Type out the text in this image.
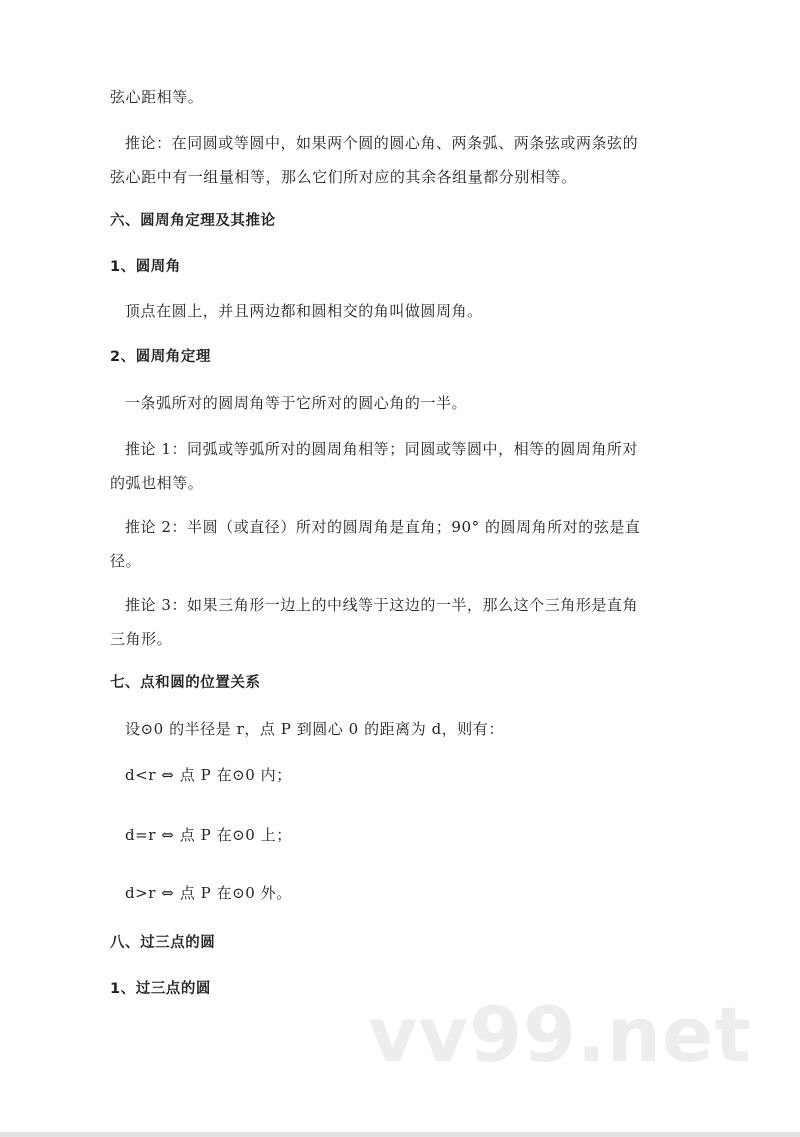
弦心距相等。
推论：在同圆或等圆中，如果两个圆的圆心角、两条弧、两条弦或两条弦的
弦心距中有一组量相等，那么它们所对应的其余各组量都分别相等。
六、圆周角定理及其推论
1、圆周角
顶点在圆上，并且两边都和圆相交的角叫做圆周角。
2、圆周角定理
一条弧所对的圆周角等于它所对的圆心角的一半。
推论 1：同弧或等弧所对的圆周角相等；同圆或等圆中，相等的圆周角所对
的弧也相等。
推论 2：半圆（或直径）所对的圆周角是直角；90° 的圆周角所对的弦是直
径。
推论 3：如果三角形一边上的中线等于这边的一半，那么这个三角形是直角
三角形。
七、点和圆的位置关系
设⊙0 的半径是 r，点 P 到圆心 0 的距离为 d，则有：
d<r ⇔ 点 P 在⊙0 内；
d=r ⇔ 点 P 在⊙0 上；
d>r ⇔ 点 P 在⊙0 外。
八、过三点的圆
1、过三点的圆
vv99.net
